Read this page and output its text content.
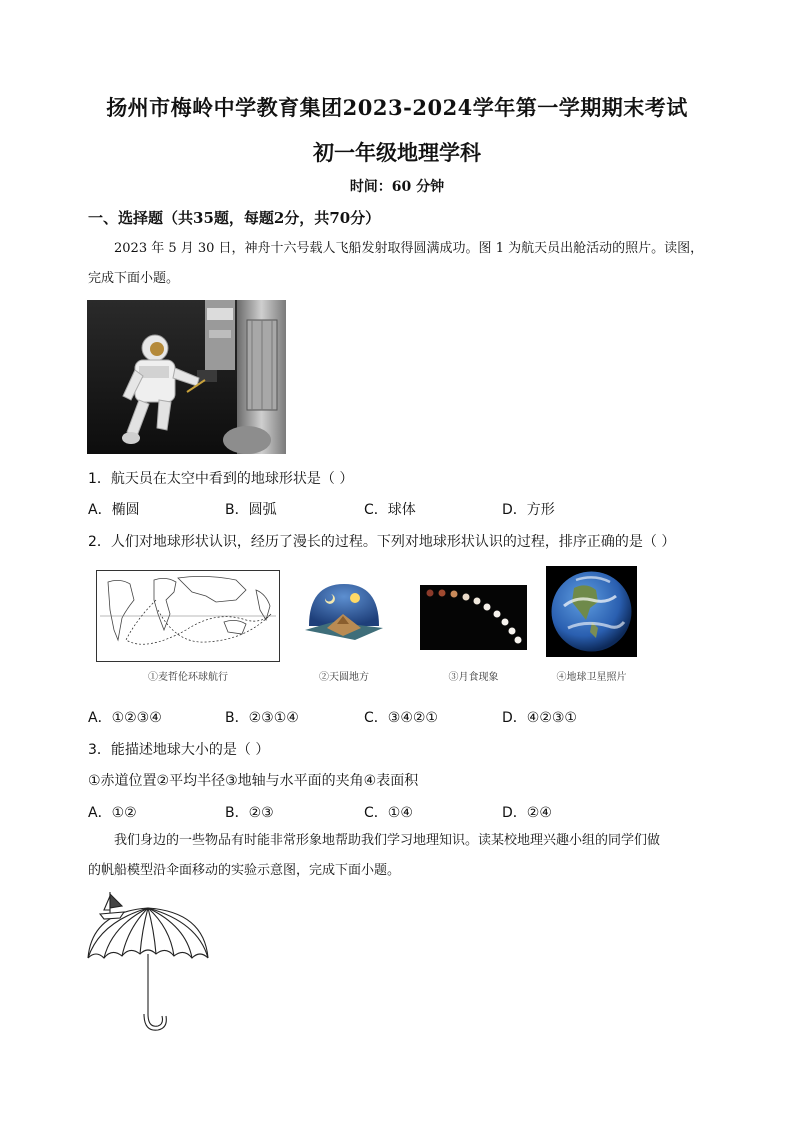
扬州市梅岭中学教育集团2023-2024学年第一学期期末考试
初一年级地理学科
时间：60 分钟
一、选择题（共35题，每题2分，共70分）
2023 年 5 月 30 日，神舟十六号载人飞船发射取得圆满成功。图 1 为航天员出舱活动的照片。读图，
完成下面小题。
1．航天员在太空中看到的地球形状是（ ）
A．椭圆	B．圆弧	C．球体	D．方形
2．人们对地球形状认识，经历了漫长的过程。下列对地球形状认识的过程，排序正确的是（ ）
①麦哲伦环球航行	②天圆地方	③月食现象	④地球卫星照片
A．①②③④	B．②③①④	C．③④②①	D．④②③①
3．能描述地球大小的是（ ）
①赤道位置②平均半径③地轴与水平面的夹角④表面积
A．①②	B．②③	C．①④	D．②④
我们身边的一些物品有时能非常形象地帮助我们学习地理知识。读某校地理兴趣小组的同学们做
的帆船模型沿伞面移动的实验示意图，完成下面小题。
